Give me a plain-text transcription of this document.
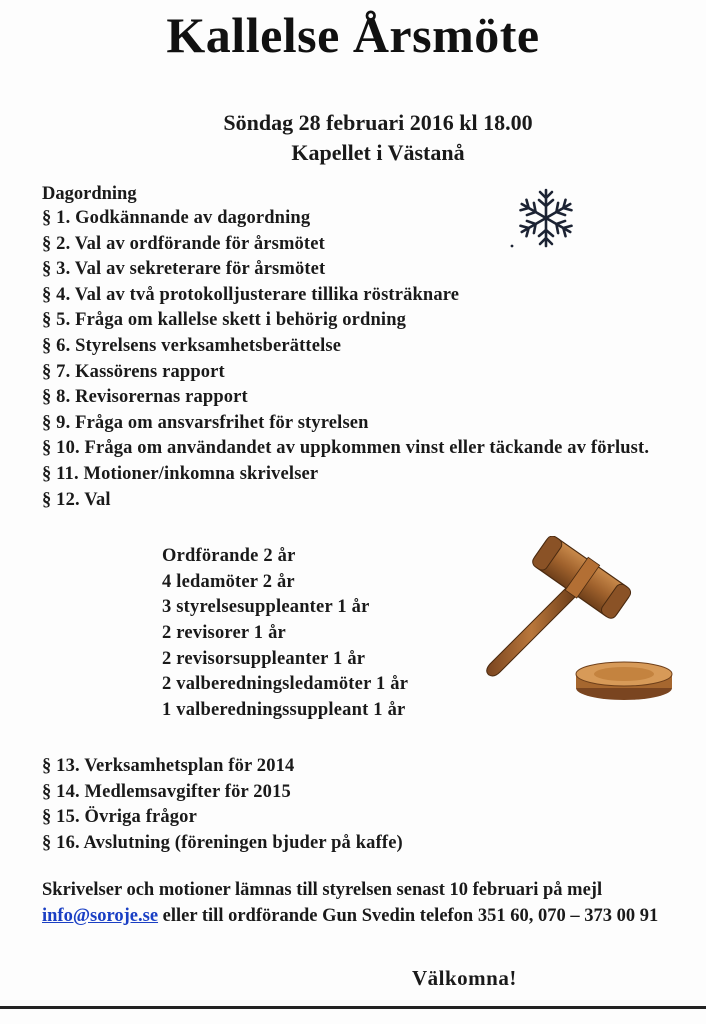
Kallelse Årsmöte

Söndag 28 februari 2016 kl 18.00

Kapellet i Västanå

Dagordning

§ 1. Godkännande av dagordning
§ 2. Val av ordförande för årsmötet
§ 3. Val av sekreterare för årsmötet
§ 4. Val av två protokolljusterare tillika rösträknare
§ 5. Fråga om kallelse skett i behörig ordning
§ 6. Styrelsens verksamhetsberättelse
§ 7. Kassörens rapport
§ 8. Revisorernas rapport
§ 9. Fråga om ansvarsfrihet för styrelsen
§ 10. Fråga om användandet av uppkommen vinst eller täckande av förlust.
§ 11. Motioner/inkomna skrivelser
§ 12. Val
Ordförande 2 år
4 ledamöter 2 år
3 styrelsesuppleanter 1 år
2 revisorer 1 år
2 revisorsuppleanter 1 år
2 valberedningsledamöter 1 år
1 valberedningssuppleant 1 år
§ 13. Verksamhetsplan för 2014
§ 14. Medlemsavgifter för 2015
§ 15. Övriga frågor
§ 16. Avslutning (föreningen bjuder på kaffe)

Skrivelser och motioner lämnas till styrelsen senast 10 februari på mejl info@soroje.se eller till ordförande Gun Svedin telefon 351 60, 070 – 373 00 91

Välkomna!
